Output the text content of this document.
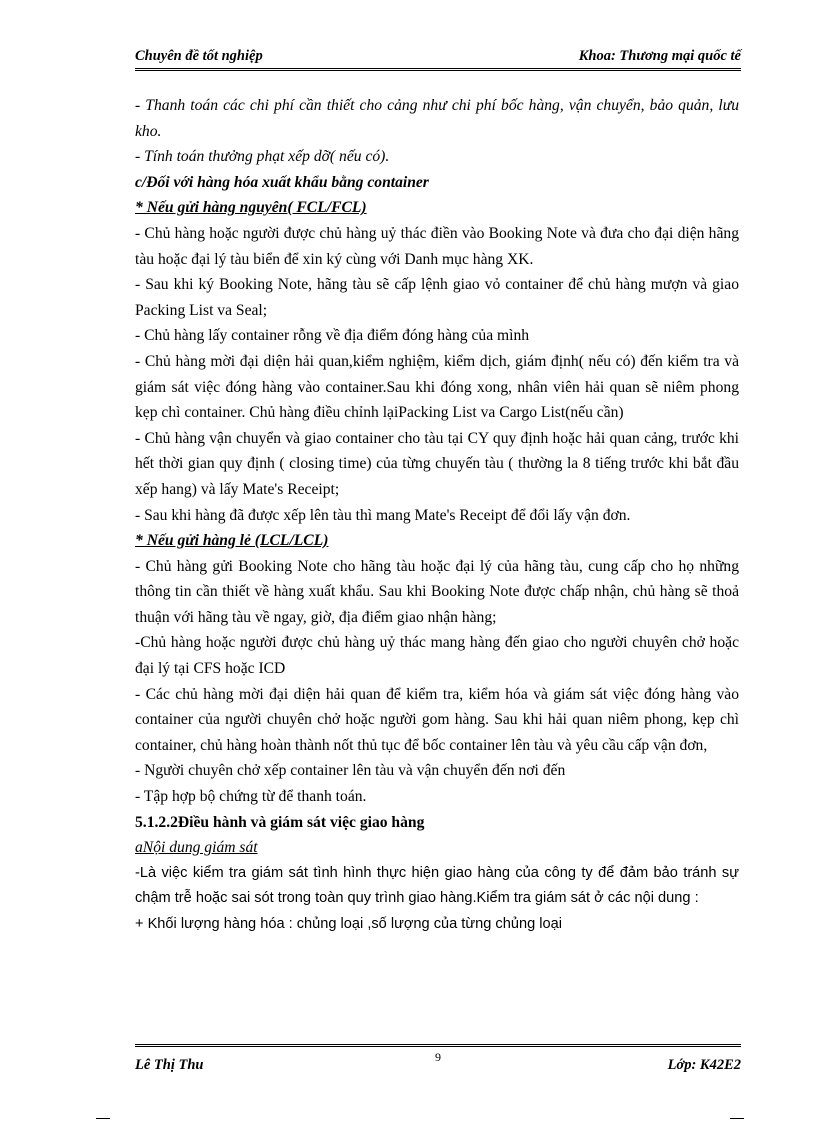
Chuyên đề tốt nghiệp	Khoa: Thương mại quốc tế

- Thanh toán các chi phí cần thiết cho cảng như chi phí bốc hàng, vận chuyển, bảo quản, lưu kho.

- Tính toán thưởng phạt xếp dỡ( nếu có).

c/Đối với hàng hóa xuất khẩu bằng container

* Nếu gửi hàng nguyên( FCL/FCL)

- Chủ hàng hoặc người được chủ hàng uỷ thác điền vào Booking Note và đưa cho đại diện hãng tàu hoặc đại lý tàu biển để xin ký cùng với Danh mục hàng XK.

- Sau khi ký Booking Note, hãng tàu sẽ cấp lệnh giao vỏ container để chủ hàng mượn và giao Packing List va Seal;

- Chủ hàng lấy container rỗng về địa điểm đóng hàng của mình

- Chủ hàng mời đại diện hải quan,kiểm nghiệm, kiểm dịch, giám định( nếu có) đến kiểm tra và giám sát việc đóng hàng vào container.Sau khi đóng xong, nhân viên hải quan sẽ niêm phong kẹp chì container. Chủ hàng điều chỉnh lạiPacking List va Cargo List(nếu cần)

- Chủ hàng vận chuyển và giao container cho tàu tại CY quy định hoặc hải quan cảng, trước khi hết thời gian quy định ( closing time) của từng chuyến tàu ( thường la 8 tiếng trước khi bắt đầu xếp hang) và lấy Mate's Receipt;

- Sau khi hàng đã được xếp lên tàu thì mang Mate's Receipt để đổi lấy vận đơn.

* Nếu gửi hàng lẻ (LCL/LCL)

- Chủ hàng gửi Booking Note cho hãng tàu hoặc đại lý của hãng tàu, cung cấp cho họ những thông tin cần thiết về hàng xuất khẩu. Sau khi Booking Note được chấp nhận, chủ hàng sẽ thoả thuận với hãng tàu về ngay, giờ, địa điểm giao nhận hàng;

-Chủ hàng hoặc người được chủ hàng uỷ thác mang hàng đến giao cho người chuyên chở hoặc đại lý tại CFS hoặc ICD

- Các chủ hàng mời đại diện hải quan để kiểm tra, kiểm hóa và giám sát việc đóng hàng vào container của người chuyên chở hoặc người gom hàng. Sau khi hải quan niêm phong, kẹp chì container, chủ hàng hoàn thành nốt thủ tục để bốc container lên tàu và yêu cầu cấp vận đơn,

- Người chuyên chở xếp container lên tàu và vận chuyển đến nơi đến

- Tập hợp bộ chứng từ để thanh toán.

5.1.2.2Điều hành và giám sát việc giao hàng

aNội dung giám sát

-Là việc kiểm tra giám sát tình hình thực hiện giao hàng của công ty để đảm bảo tránh sự chậm trễ hoặc sai sót trong toàn quy trình giao hàng.Kiểm tra giám sát ở các nội dung :

+ Khối lượng hàng hóa : chủng loại ,số lượng của từng chủng loại

Lê Thị Thu	9	Lớp: K42E2
